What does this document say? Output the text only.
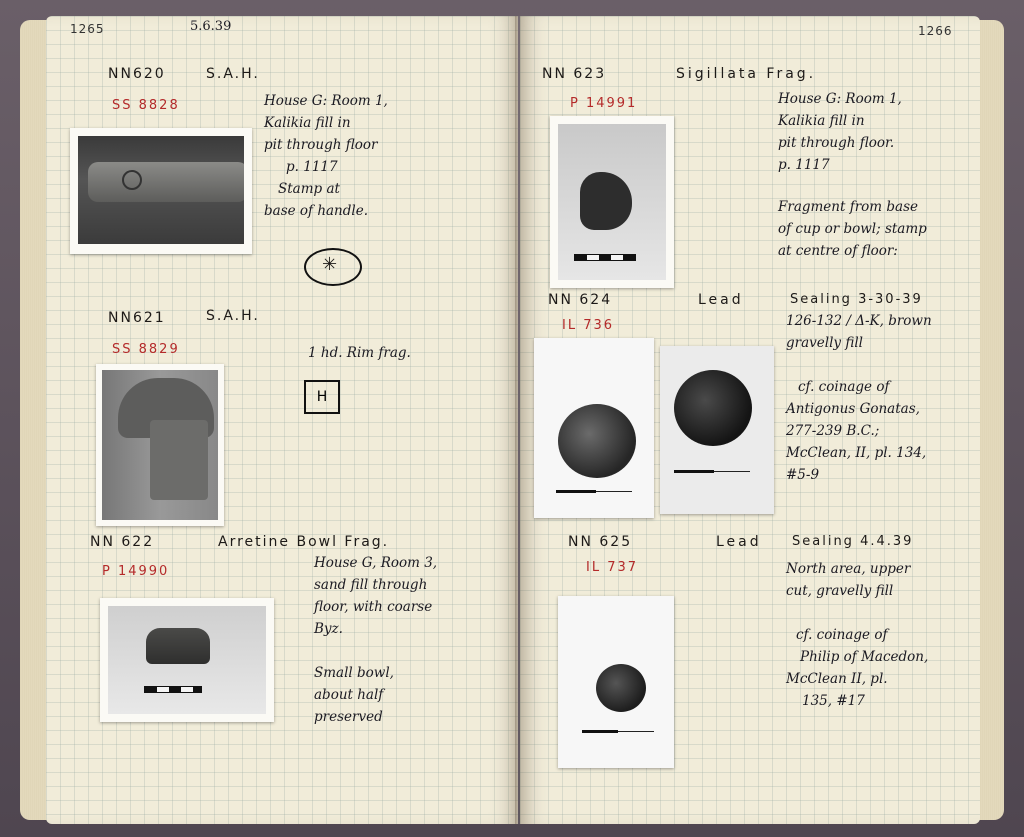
1265	5.6.39
NN620	S.A.H.
SS 8828	House G: Room 1,
Kalikia fill in
pit through floor
p. 1117
Stamp at
base of handle.
✳
NN621	S.A.H.
SS 8829	1 hd. Rim frag.
H
NN 622	Arretine Bowl Frag.
P 14990
House G, Room 3,
sand fill through
floor, with coarse
Byz.
Small bowl,
about half
preserved
1266
NN 623	Sigillata Frag.
P 14991	House G: Room 1,
Kalikia fill in
pit through floor.
p. 1117
Fragment from base
of cup or bowl; stamp
at centre of floor:
NN 624	Lead	Sealing 3-30-39
IL 736	126-132 / Δ-K, brown
gravelly fill
cf. coinage of
Antigonus Gonatas,
277-239 B.C.;
McClean, II, pl. 134,
#5-9
NN 625	Lead Sealing 4.4.39
IL 737	North area, upper
cut, gravelly fill
cf. coinage of
Philip of Macedon,
McClean II, pl.
135, #17
